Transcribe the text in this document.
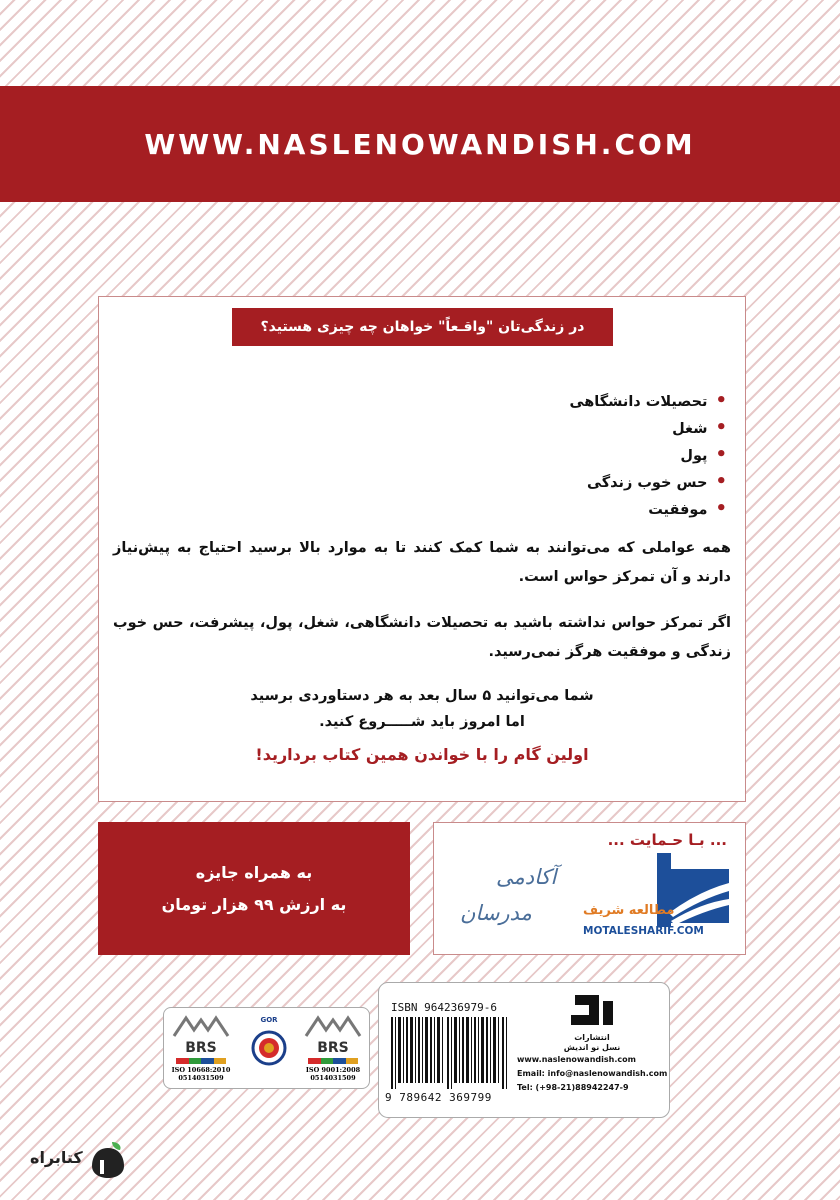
WWW.NASLENOWANDISH.COM
در زندگی‌تان "واقـعاً" خواهان چه چیزی هستید؟
•تحصیلات دانشگاهی
•شغل
•پول
•حس خوب زندگی
•موفقیت

همه عواملی که می‌توانند به شما کمک کنند تا به موارد بالا برسید احتیاج به پیش‌نیاز دارند و آن تمرکز حواس است.

اگر تمرکز حواس نداشته باشید به تحصیلات دانشگاهی، شغل، پول، پیشرفت، حس خوب زندگی و موفقیت هرگز نمی‌رسید.

شما می‌توانید ۵ سال بعد به هر دستاوردی برسید
اما امروز باید شـــــروع کنید.
اولین گام را با خواندن همین کتاب بردارید!
به همراه جایزه
به ارزش ۹۹ هزار تومان
... بـا حـمایت ...
آکادمی
مدرسان	مطالعه شریف
MOTALESHARIF.COM
BRS
ISO 10668:2010
0514031509
GOR
BRS
ISO 9001:2008
0514031509
ISBN 964236979-6
9 789642 369799
انتشارات
نسل نو اندیش
www.naslenowandish.com
Email: info@naslenowandish.com
Tel: (+98-21)88942247-9
کتابراه
